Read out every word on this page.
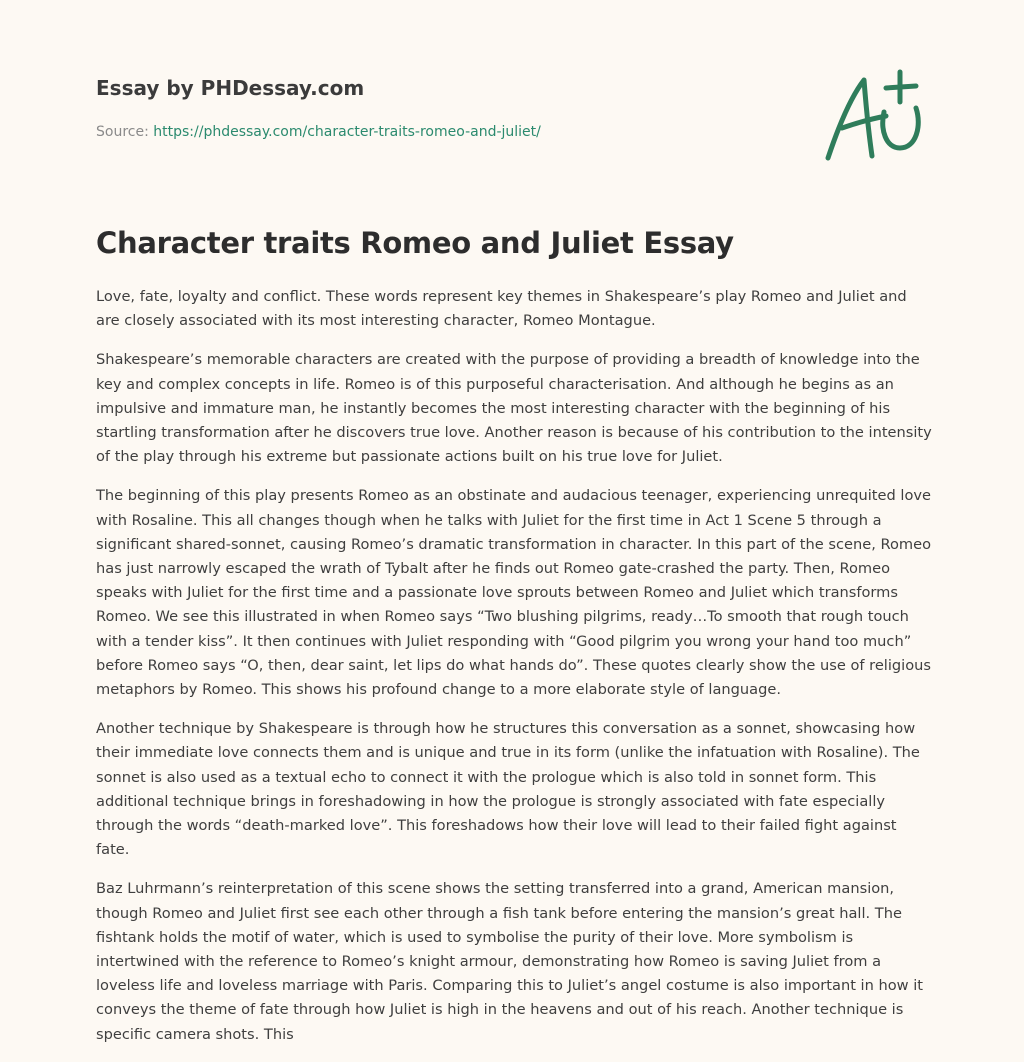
Essay by PHDessay.com
Source: https://phdessay.com/character-traits-romeo-and-juliet/
Character traits Romeo and Juliet Essay

Love, fate, loyalty and conflict. These words represent key themes in Shakespeare’s play Romeo and Juliet and are closely associated with its most interesting character, Romeo Montague.

Shakespeare’s memorable characters are created with the purpose of providing a breadth of knowledge into the key and complex concepts in life. Romeo is of this purposeful characterisation. And although he begins as an impulsive and immature man, he instantly becomes the most interesting character with the beginning of his startling transformation after he discovers true love. Another reason is because of his contribution to the intensity of the play through his extreme but passionate actions built on his true love for Juliet.

The beginning of this play presents Romeo as an obstinate and audacious teenager, experiencing unrequited love with Rosaline. This all changes though when he talks with Juliet for the first time in Act 1 Scene 5 through a significant shared-sonnet, causing Romeo’s dramatic transformation in character. In this part of the scene, Romeo has just narrowly escaped the wrath of Tybalt after he finds out Romeo gate-crashed the party. Then, Romeo speaks with Juliet for the first time and a passionate love sprouts between Romeo and Juliet which transforms Romeo. We see this illustrated in when Romeo says “Two blushing pilgrims, ready…To smooth that rough touch with a tender kiss”. It then continues with Juliet responding with “Good pilgrim you wrong your hand too much” before Romeo says “O, then, dear saint, let lips do what hands do”. These quotes clearly show the use of religious metaphors by Romeo. This shows his profound change to a more elaborate style of language.

Another technique by Shakespeare is through how he structures this conversation as a sonnet, showcasing how their immediate love connects them and is unique and true in its form (unlike the infatuation with Rosaline). The sonnet is also used as a textual echo to connect it with the prologue which is also told in sonnet form. This additional technique brings in foreshadowing in how the prologue is strongly associated with fate especially through the words “death-marked love”. This foreshadows how their love will lead to their failed fight against fate.

Baz Luhrmann’s reinterpretation of this scene shows the setting transferred into a grand, American mansion, though Romeo and Juliet first see each other through a fish tank before entering the mansion’s great hall. The fishtank holds the motif of water, which is used to symbolise the purity of their love. More symbolism is intertwined with the reference to Romeo’s knight armour, demonstrating how Romeo is saving Juliet from a loveless life and loveless marriage with Paris. Comparing this to Juliet’s angel costume is also important in how it conveys the theme of fate through how Juliet is high in the heavens and out of his reach. Another technique is specific camera shots. This
